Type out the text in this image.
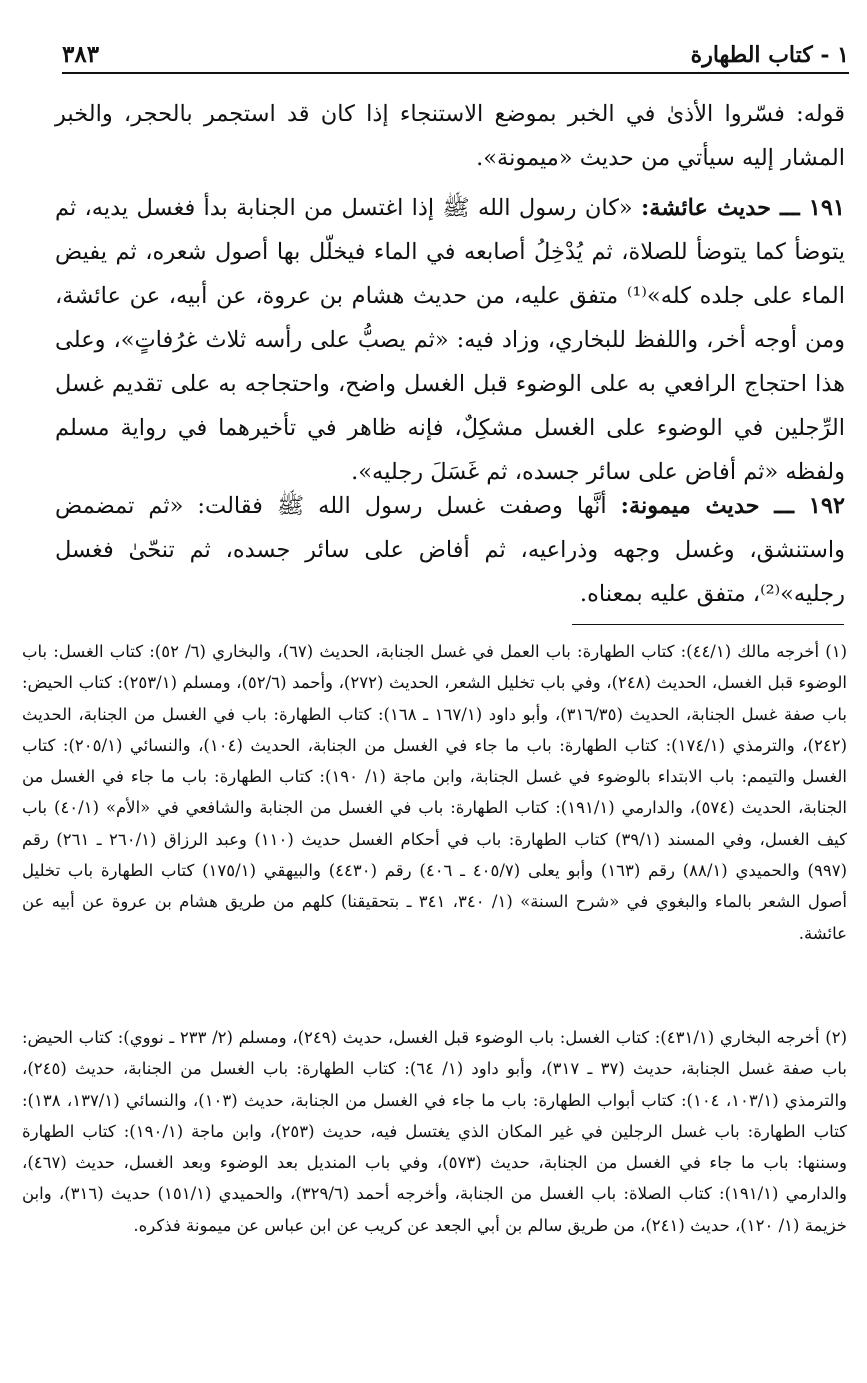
١ - كتاب الطهارة
٣٨٣

قوله: فسّروا الأذىٰ في الخبر بموضع الاستنجاء إذا كان قد استجمر بالحجر، والخبر المشار إليه سيأتي من حديث «ميمونة».

١٩١ ـــ حديث عائشة: «كان رسول الله ﷺ إذا اغتسل من الجنابة بدأ فغسل يديه، ثم يتوضأ كما يتوضأ للصلاة، ثم يُدْخِلُ أصابعه في الماء فيخلّل بها أصول شعره، ثم يفيض الماء على جلده كله»⁽¹⁾ متفق عليه، من حديث هشام بن عروة، عن أبيه، عن عائشة، ومن أوجه أخر، واللفظ للبخاري، وزاد فيه: «ثم يصبُّ على رأسه ثلاث غرُفاتٍ»، وعلى هذا احتجاج الرافعي به على الوضوء قبل الغسل واضح، واحتجاجه به على تقديم غسل الرِّجلين في الوضوء على الغسل مشكِلٌ، فإنه ظاهر في تأخيرهما في رواية مسلم ولفظه «ثم أفاض على سائر جسده، ثم غَسَلَ رجليه».

١٩٢ ـــ حديث ميمونة: أنَّها وصفت غسل رسول الله ﷺ فقالت: «ثم تمضمض واستنشق، وغسل وجهه وذراعيه، ثم أفاض على سائر جسده، ثم تنحّىٰ فغسل رجليه»⁽²⁾، متفق عليه بمعناه.

(١) أخرجه مالك (٤٤/١): كتاب الطهارة: باب العمل في غسل الجنابة، الحديث (٦٧)، والبخاري (٦/ ٥٢): كتاب الغسل: باب الوضوء قبل الغسل، الحديث (٢٤٨)، وفي باب تخليل الشعر، الحديث (٢٧٢)، وأحمد (٥٢/٦)، ومسلم (٢٥٣/١): كتاب الحيض: باب صفة غسل الجنابة، الحديث (٣١٦/٣٥)، وأبو داود (١٦٧/١ ـ ١٦٨): كتاب الطهارة: باب في الغسل من الجنابة، الحديث (٢٤٢)، والترمذي (١٧٤/١): كتاب الطهارة: باب ما جاء في الغسل من الجنابة، الحديث (١٠٤)، والنسائي (٢٠٥/١): كتاب الغسل والتيمم: باب الابتداء بالوضوء في غسل الجنابة، وابن ماجة (١/ ١٩٠): كتاب الطهارة: باب ما جاء في الغسل من الجنابة، الحديث (٥٧٤)، والدارمي (١٩١/١): كتاب الطهارة: باب في الغسل من الجنابة والشافعي في «الأم» (٤٠/١) باب كيف الغسل، وفي المسند (٣٩/١) كتاب الطهارة: باب في أحكام الغسل حديث (١١٠) وعبد الرزاق (٢٦٠/١ ـ ٢٦١) رقم (٩٩٧) والحميدي (٨٨/١) رقم (١٦٣) وأبو يعلى (٤٠٥/٧ ـ ٤٠٦) رقم (٤٤٣٠) والبيهقي (١٧٥/١) كتاب الطهارة باب تخليل أصول الشعر بالماء والبغوي في «شرح السنة» (١/ ٣٤٠، ٣٤١ ـ بتحقيقنا) كلهم من طريق هشام بن عروة عن أبيه عن عائشة.
(٢) أخرجه البخاري (٤٣١/١): كتاب الغسل: باب الوضوء قبل الغسل، حديث (٢٤٩)، ومسلم (٢/ ٢٣٣ ـ نووي): كتاب الحيض: باب صفة غسل الجنابة، حديث (٣٧ ـ ٣١٧)، وأبو داود (١/ ٦٤): كتاب الطهارة: باب الغسل من الجنابة، حديث (٢٤٥)، والترمذي (١٠٣/١، ١٠٤): كتاب أبواب الطهارة: باب ما جاء في الغسل من الجنابة، حديث (١٠٣)، والنسائي (١٣٧/١، ١٣٨): كتاب الطهارة: باب غسل الرجلين في غير المكان الذي يغتسل فيه، حديث (٢٥٣)، وابن ماجة (١٩٠/١): كتاب الطهارة وسننها: باب ما جاء في الغسل من الجنابة، حديث (٥٧٣)، وفي باب المنديل بعد الوضوء وبعد الغسل، حديث (٤٦٧)، والدارمي (١٩١/١): كتاب الصلاة: باب الغسل من الجنابة، وأخرجه أحمد (٣٢٩/٦)، والحميدي (١٥١/١) حديث (٣١٦)، وابن خزيمة (١/ ١٢٠)، حديث (٢٤١)، من طريق سالم بن أبي الجعد عن كريب عن ابن عباس عن ميمونة فذكره.
